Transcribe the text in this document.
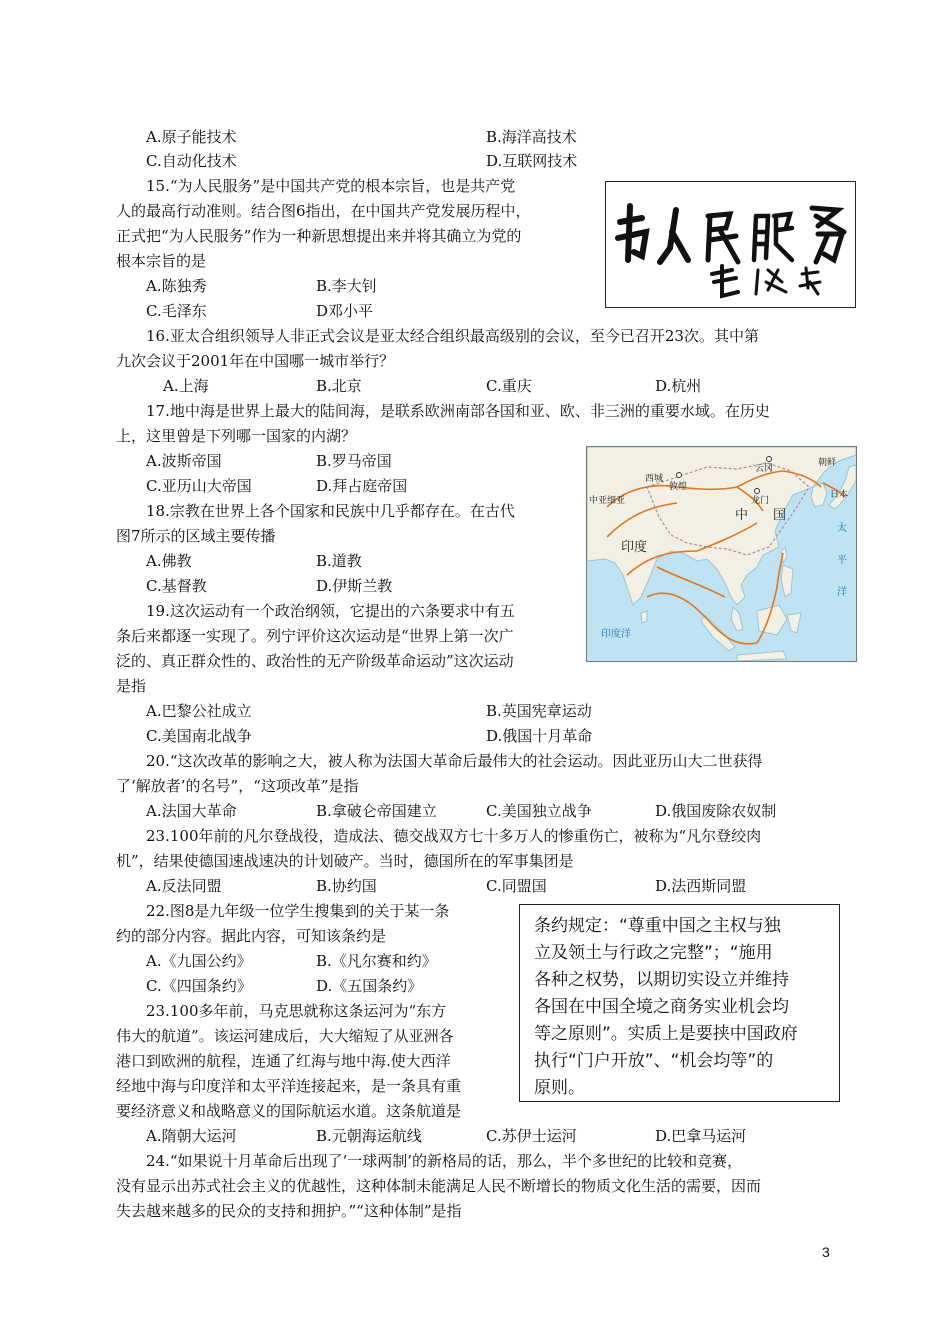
A.原子能技术	B.海洋高技术
C.自动化技术	D.互联网技术
15.“为人民服务”是中国共产党的根本宗旨，也是共产党
人的最高行动准则。结合图6指出，在中国共产党发展历程中，
正式把“为人民服务”作为一种新思想提出来并将其确立为党的
根本宗旨的是
A.陈独秀	B.李大钊
C.毛泽东	D邓小平
16.亚太合组织领导人非正式会议是亚太经合组织最高级别的会议，至今已召开23次。其中第
九次会议于2001年在中国哪一城市举行？
A.上海	B.北京	C.重庆	D.杭州
17.地中海是世界上最大的陆间海，是联系欧洲南部各国和亚、欧、非三洲的重要水域。在历史
上，这里曾是下列哪一国家的内湖？
A.波斯帝国	B.罗马帝国
C.亚历山大帝国	D.拜占庭帝国
18.宗教在世界上各个国家和民族中几乎都存在。在古代
图7所示的区域主要传播
A.佛教	B.道教
C.基督教	D.伊斯兰教
朝鲜
云冈
日本
西城
敦煌
龙门
中亚细亚
中 国
印度
印度洋
太
平
洋
19.这次运动有一个政治纲领，它提出的六条要求中有五
条后来都逐一实现了。列宁评价这次运动是“世界上第一次广
泛的、真正群众性的、政治性的无产阶级革命运动”这次运动
是指
A.巴黎公社成立	B.英国宪章运动
C.美国南北战争	D.俄国十月革命
20.“这次改革的影响之大，被人称为法国大革命后最伟大的社会运动。因此亚历山大二世获得
了‘解放者’的名号”，“这项改革”是指
A.法国大革命	B.拿破仑帝国建立	C.美国独立战争	D.俄国废除农奴制
23.100年前的凡尔登战役，造成法、德交战双方七十多万人的惨重伤亡，被称为“凡尔登绞肉
机”，结果使德国速战速决的计划破产。当时，德国所在的军事集团是
A.反法同盟	B.协约国	C.同盟国	D.法西斯同盟
22.图8是九年级一位学生搜集到的关于某一条
约的部分内容。据此内容，可知该条约是
A.《九国公约》	B.《凡尔赛和约》
C.《四国条约》	D.《五国条约》
条约规定：“尊重中国之主权与独
立及领土与行政之完整”；“施用
各种之权势，以期切实设立并维持
各国在中国全境之商务实业机会均
等之原则”。实质上是要挟中国政府
执行“门户开放”、“机会均等”的
原则。
23.100多年前，马克思就称这条运河为“东方
伟大的航道”。该运河建成后，大大缩短了从亚洲各
港口到欧洲的航程，连通了红海与地中海.使大西洋
经地中海与印度洋和太平洋连接起来，是一条具有重
要经济意义和战略意义的国际航运水道。这条航道是
A.隋朝大运河	B.元朝海运航线	C.苏伊士运河	D.巴拿马运河
24.“如果说十月革命后出现了‘一球两制’的新格局的话，那么，半个多世纪的比较和竞赛，
没有显示出苏式社会主义的优越性，这种体制未能满足人民不断增长的物质文化生活的需要，因而
失去越来越多的民众的支持和拥护。”“这种体制”是指
3
